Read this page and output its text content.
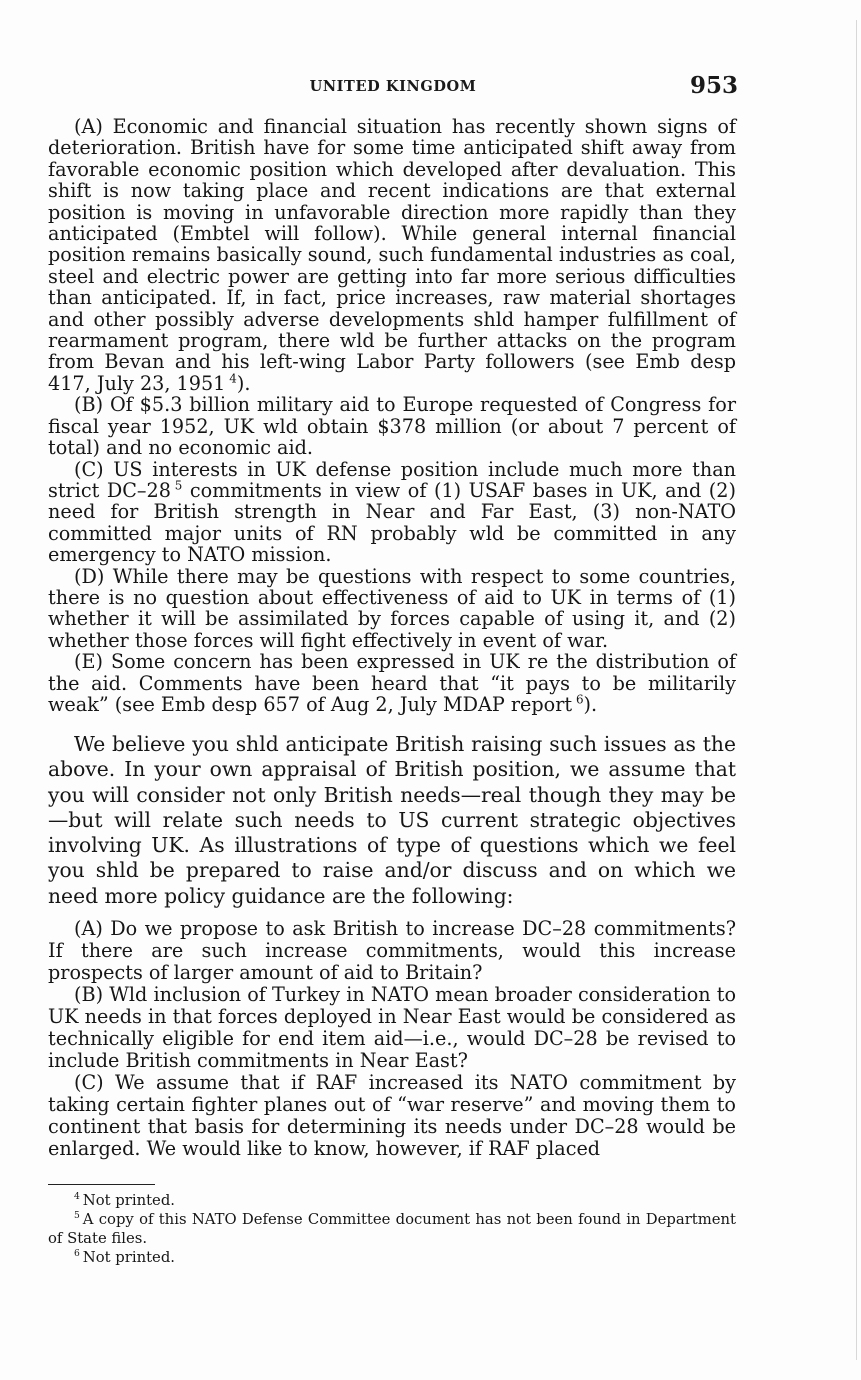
UNITED KINGDOM	953

(A) Economic and financial situation has recently shown signs of deterioration. British have for some time anticipated shift away from favorable economic position which developed after devaluation. This shift is now taking place and recent indications are that external position is moving in unfavorable direction more rapidly than they anticipated (Embtel will follow). While general internal financial position remains basically sound, such fundamental industries as coal, steel and electric power are getting into far more serious difficulties than anticipated. If, in fact, price increases, raw material shortages and other possibly adverse developments shld hamper fulfillment of rearmament program, there wld be further attacks on the program from Bevan and his left-wing Labor Party followers (see Emb desp 417, July 23, 1951  $^4$).

(B) Of $5.3 billion military aid to Europe requested of Congress for fiscal year 1952, UK wld obtain $378 million (or about 7 percent of total) and no economic aid.

(C) US interests in UK defense position include much more than strict DC–28  $^5$ commitments in view of (1) USAF bases in UK, and (2) need for British strength in Near and Far East, (3) non-NATO committed major units of RN probably wld be committed in any emergency to NATO mission.

(D) While there may be questions with respect to some countries, there is no question about effectiveness of aid to UK in terms of (1) whether it will be assimilated by forces capable of using it, and (2) whether those forces will fight effectively in event of war.

(E) Some concern has been expressed in UK re the distribution of the aid. Comments have been heard that “it pays to be militarily weak” (see Emb desp 657 of Aug 2, July MDAP report  $^6$).

We believe you shld anticipate British raising such issues as the above. In your own appraisal of British position, we assume that you will consider not only British needs—real though they may be—but will relate such needs to US current strategic objectives involving UK. As illustrations of type of questions which we feel you shld be prepared to raise and/or discuss and on which we need more policy guidance are the following:

(A) Do we propose to ask British to increase DC–28 commitments? If there are such increase commitments, would this increase prospects of larger amount of aid to Britain?

(B) Wld inclusion of Turkey in NATO mean broader consideration to UK needs in that forces deployed in Near East would be considered as technically eligible for end item aid—i.e., would DC–28 be revised to include British commitments in Near East?

(C) We assume that if RAF increased its NATO commitment by taking certain fighter planes out of “war reserve” and moving them to continent that basis for determining its needs under DC–28 would be enlarged. We would like to know, however, if RAF placed

$^4$  Not printed.

$^5$  A copy of this NATO Defense Committee document has not been found in Department of State files.

$^6$  Not printed.
